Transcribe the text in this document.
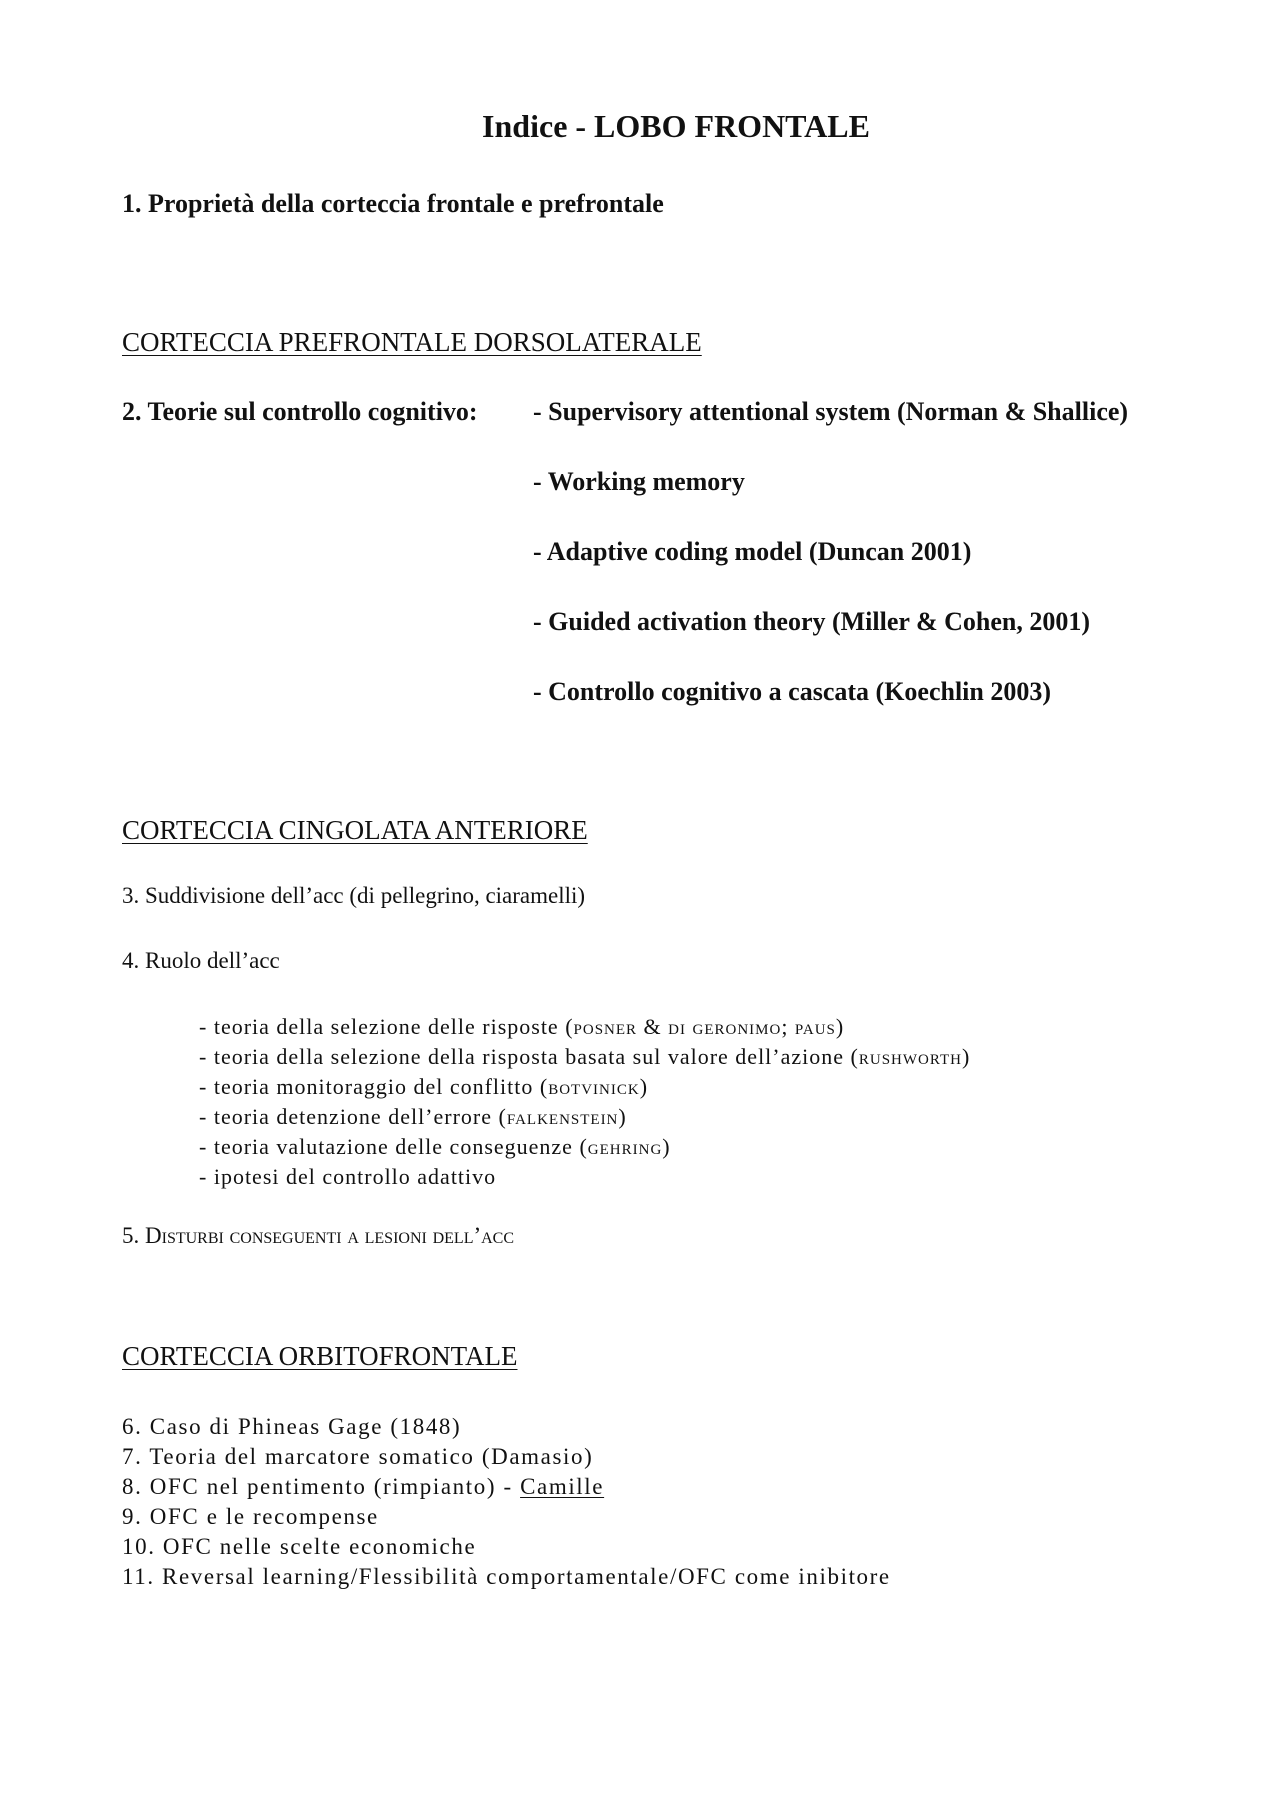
Indice - LOBO FRONTALE
1. Proprietà della corteccia frontale e prefrontale
CORTECCIA PREFRONTALE DORSOLATERALE
2. Teorie sul controllo cognitivo: - Supervisory attentional system (Norman & Shallice)
- Working memory
- Adaptive coding model (Duncan 2001)
- Guided activation theory (Miller & Cohen, 2001)
- Controllo cognitivo a cascata (Koechlin 2003)
CORTECCIA CINGOLATA ANTERIORE
3. Suddivisione dell’acc (di pellegrino, ciaramelli)
4. Ruolo dell’acc
- teoria della selezione delle risposte (posner & di geronimo; paus)
- teoria della selezione della risposta basata sul valore dell’azione (rushworth)
- teoria monitoraggio del conflitto (botvinick)
- teoria detenzione dell’errore (falkenstein)
- teoria valutazione delle conseguenze (gehring)
- ipotesi del controllo adattivo
5. Disturbi conseguenti a lesioni dell’acc
CORTECCIA ORBITOFRONTALE
6. Caso di Phineas Gage (1848)
7. Teoria del marcatore somatico (Damasio)
8. OFC nel pentimento (rimpianto) - Camille
9. OFC e le recompense
10. OFC nelle scelte economiche
11. Reversal learning/Flessibilità comportamentale/OFC come inibitore
